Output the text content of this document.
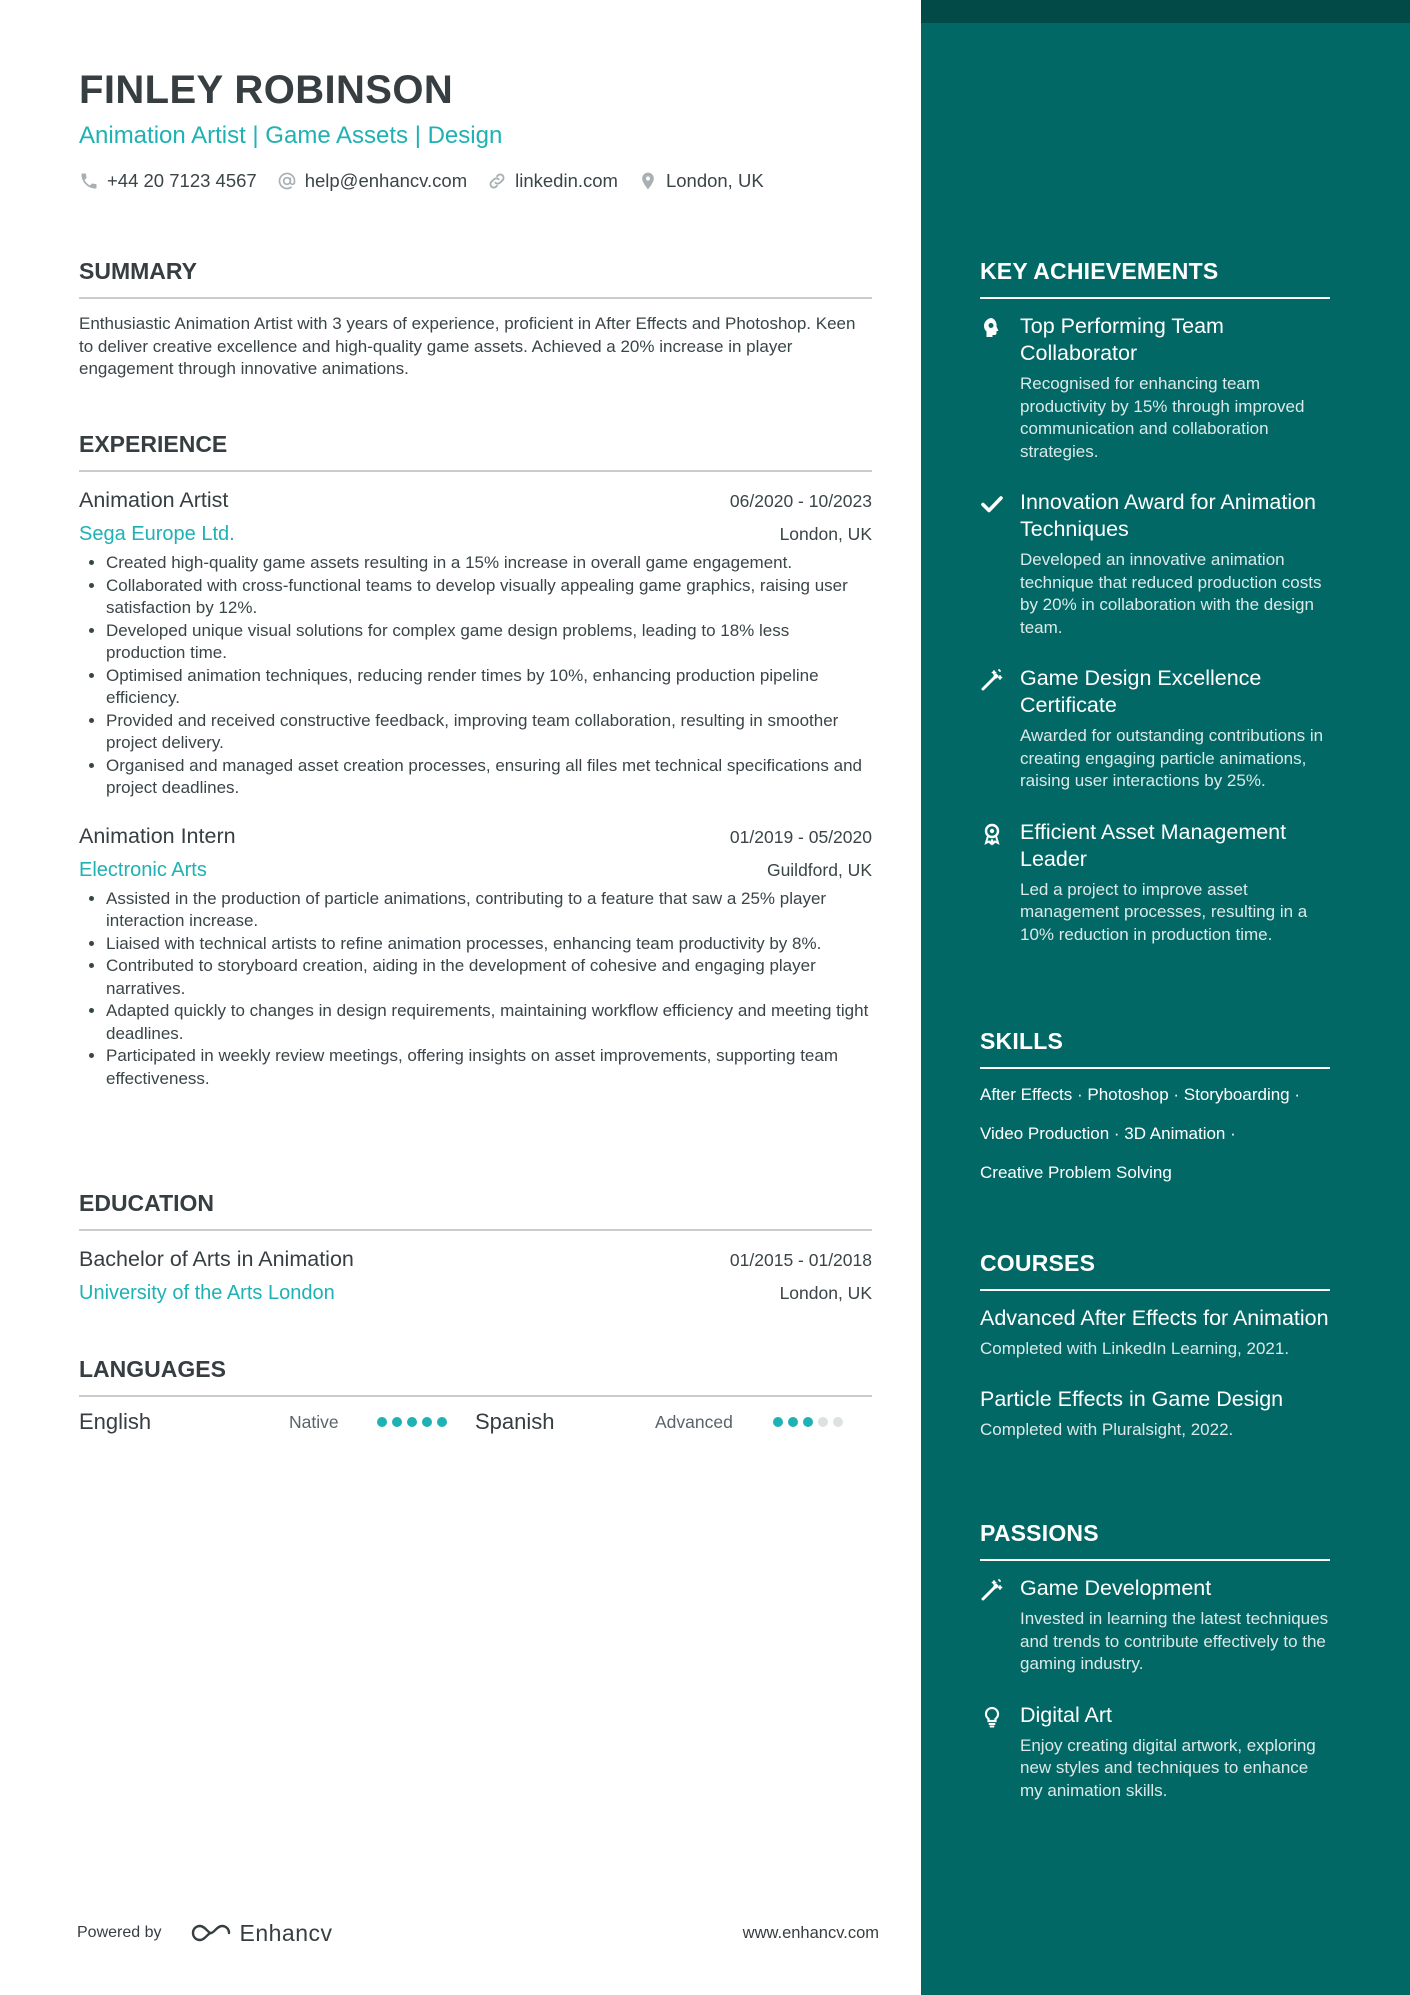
FINLEY ROBINSON
Animation Artist | Game Assets | Design
+44 20 7123 4567	help@enhancv.com	linkedin.com	London, UK
SUMMARY
Enthusiastic Animation Artist with 3 years of experience, proficient in After Effects and Photoshop. Keen to deliver creative excellence and high-quality game assets. Achieved a 20% increase in player engagement through innovative animations.
EXPERIENCE
Animation Artist	06/2020 - 10/2023
Sega Europe Ltd.	London, UK
• Created high-quality game assets resulting in a 15% increase in overall game engagement.
• Collaborated with cross-functional teams to develop visually appealing game graphics, raising user satisfaction by 12%.
• Developed unique visual solutions for complex game design problems, leading to 18% less production time.
• Optimised animation techniques, reducing render times by 10%, enhancing production pipeline efficiency.
• Provided and received constructive feedback, improving team collaboration, resulting in smoother project delivery.
• Organised and managed asset creation processes, ensuring all files met technical specifications and project deadlines.
Animation Intern	01/2019 - 05/2020
Electronic Arts	Guildford, UK
• Assisted in the production of particle animations, contributing to a feature that saw a 25% player interaction increase.
• Liaised with technical artists to refine animation processes, enhancing team productivity by 8%.
• Contributed to storyboard creation, aiding in the development of cohesive and engaging player narratives.
• Adapted quickly to changes in design requirements, maintaining workflow efficiency and meeting tight deadlines.
• Participated in weekly review meetings, offering insights on asset improvements, supporting team effectiveness.
EDUCATION
Bachelor of Arts in Animation	01/2015 - 01/2018
University of the Arts London	London, UK
LANGUAGES
English	Native	Spanish	Advanced
Powered by	Enhancv	www.enhancv.com
KEY ACHIEVEMENTS
Top Performing Team Collaborator
Recognised for enhancing team productivity by 15% through improved communication and collaboration strategies.
Innovation Award for Animation Techniques
Developed an innovative animation technique that reduced production costs by 20% in collaboration with the design team.
Game Design Excellence Certificate
Awarded for outstanding contributions in creating engaging particle animations, raising user interactions by 25%.
Efficient Asset Management Leader
Led a project to improve asset management processes, resulting in a 10% reduction in production time.
SKILLS
After Effects · Photoshop · Storyboarding ·
Video Production · 3D Animation ·
Creative Problem Solving
COURSES
Advanced After Effects for Animation
Completed with LinkedIn Learning, 2021.
Particle Effects in Game Design
Completed with Pluralsight, 2022.
PASSIONS
Game Development
Invested in learning the latest techniques and trends to contribute effectively to the gaming industry.
Digital Art
Enjoy creating digital artwork, exploring new styles and techniques to enhance my animation skills.
